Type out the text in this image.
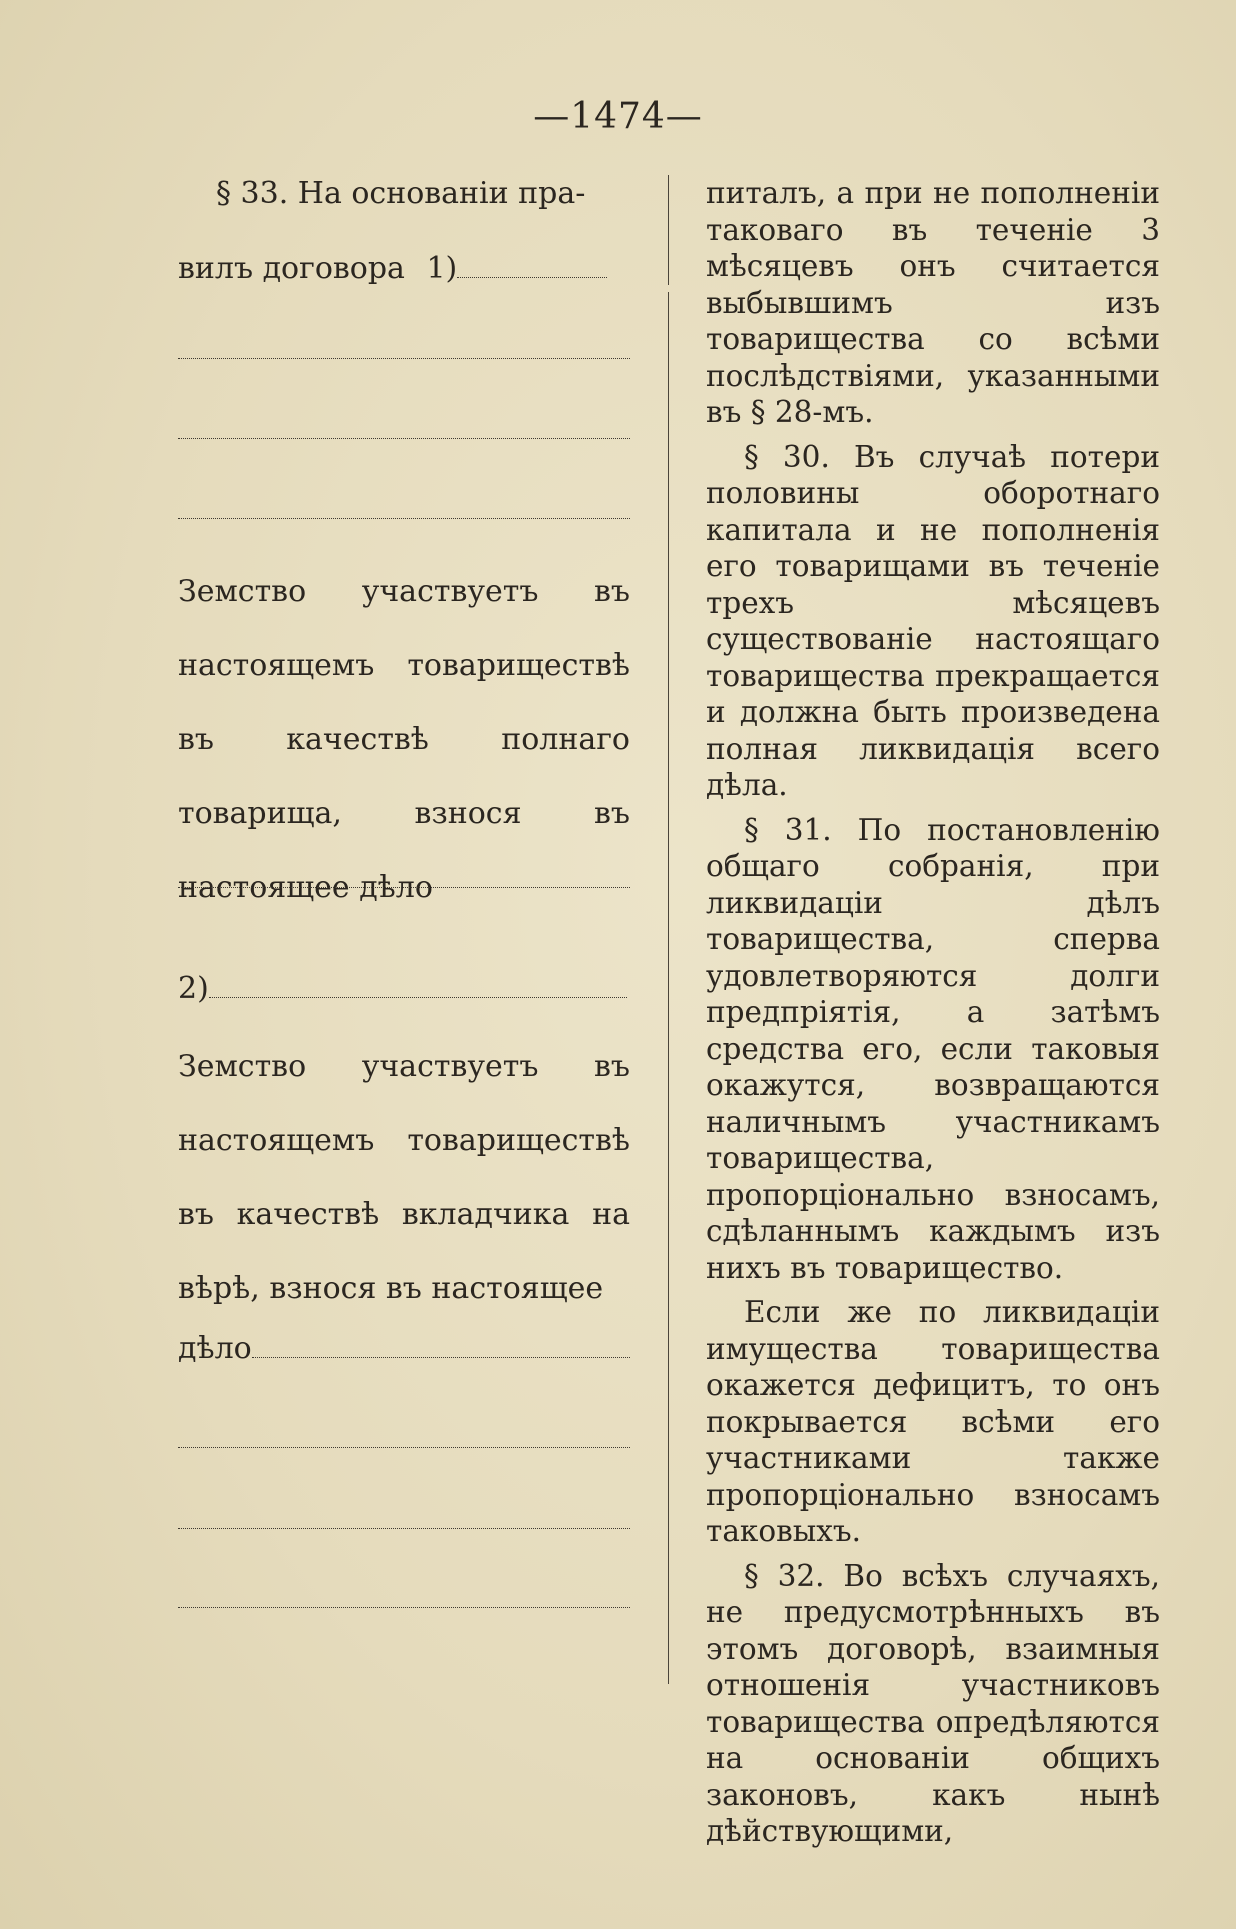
—1474—

§ 33. На основаніи пра-

вилъ договора 1)

Земство участвуетъ въ настоящемъ товариществѣ въ качествѣ полнаго товарища, взнося въ настоящее дѣло

2)

Земство участвуетъ въ настоящемъ товариществѣ въ качествѣ вкладчика на вѣрѣ, взнося въ настоящее

дѣло

питалъ, а при не пополненіи таковаго въ теченіе 3 мѣсяцевъ онъ считается выбывшимъ изъ товарищества со всѣми послѣдствіями, указанными въ § 28-мъ.

§ 30. Въ случаѣ потери половины оборотнаго капитала и не пополненія его товарищами въ теченіе трехъ мѣсяцевъ существованіе настоящаго товарищества прекращается и должна быть произведена полная ликвидація всего дѣла.

§ 31. По постановленію общаго собранія, при ликвидаціи дѣлъ товарищества, сперва удовлетворяются долги предпріятія, а затѣмъ средства его, если таковыя окажутся, возвращаются наличнымъ участникамъ товарищества, пропорціонально взносамъ, сдѣланнымъ каждымъ изъ нихъ въ товарищество.

Если же по ликвидаціи имущества товарищества окажется дефицитъ, то онъ покрывается всѣми его участниками также пропорціонально взносамъ таковыхъ.

§ 32. Во всѣхъ случаяхъ, не предусмотрѣнныхъ въ этомъ договорѣ, взаимныя отношенія участниковъ товарищества опредѣляются на основаніи общихъ законовъ, какъ нынѣ дѣйствующими,
